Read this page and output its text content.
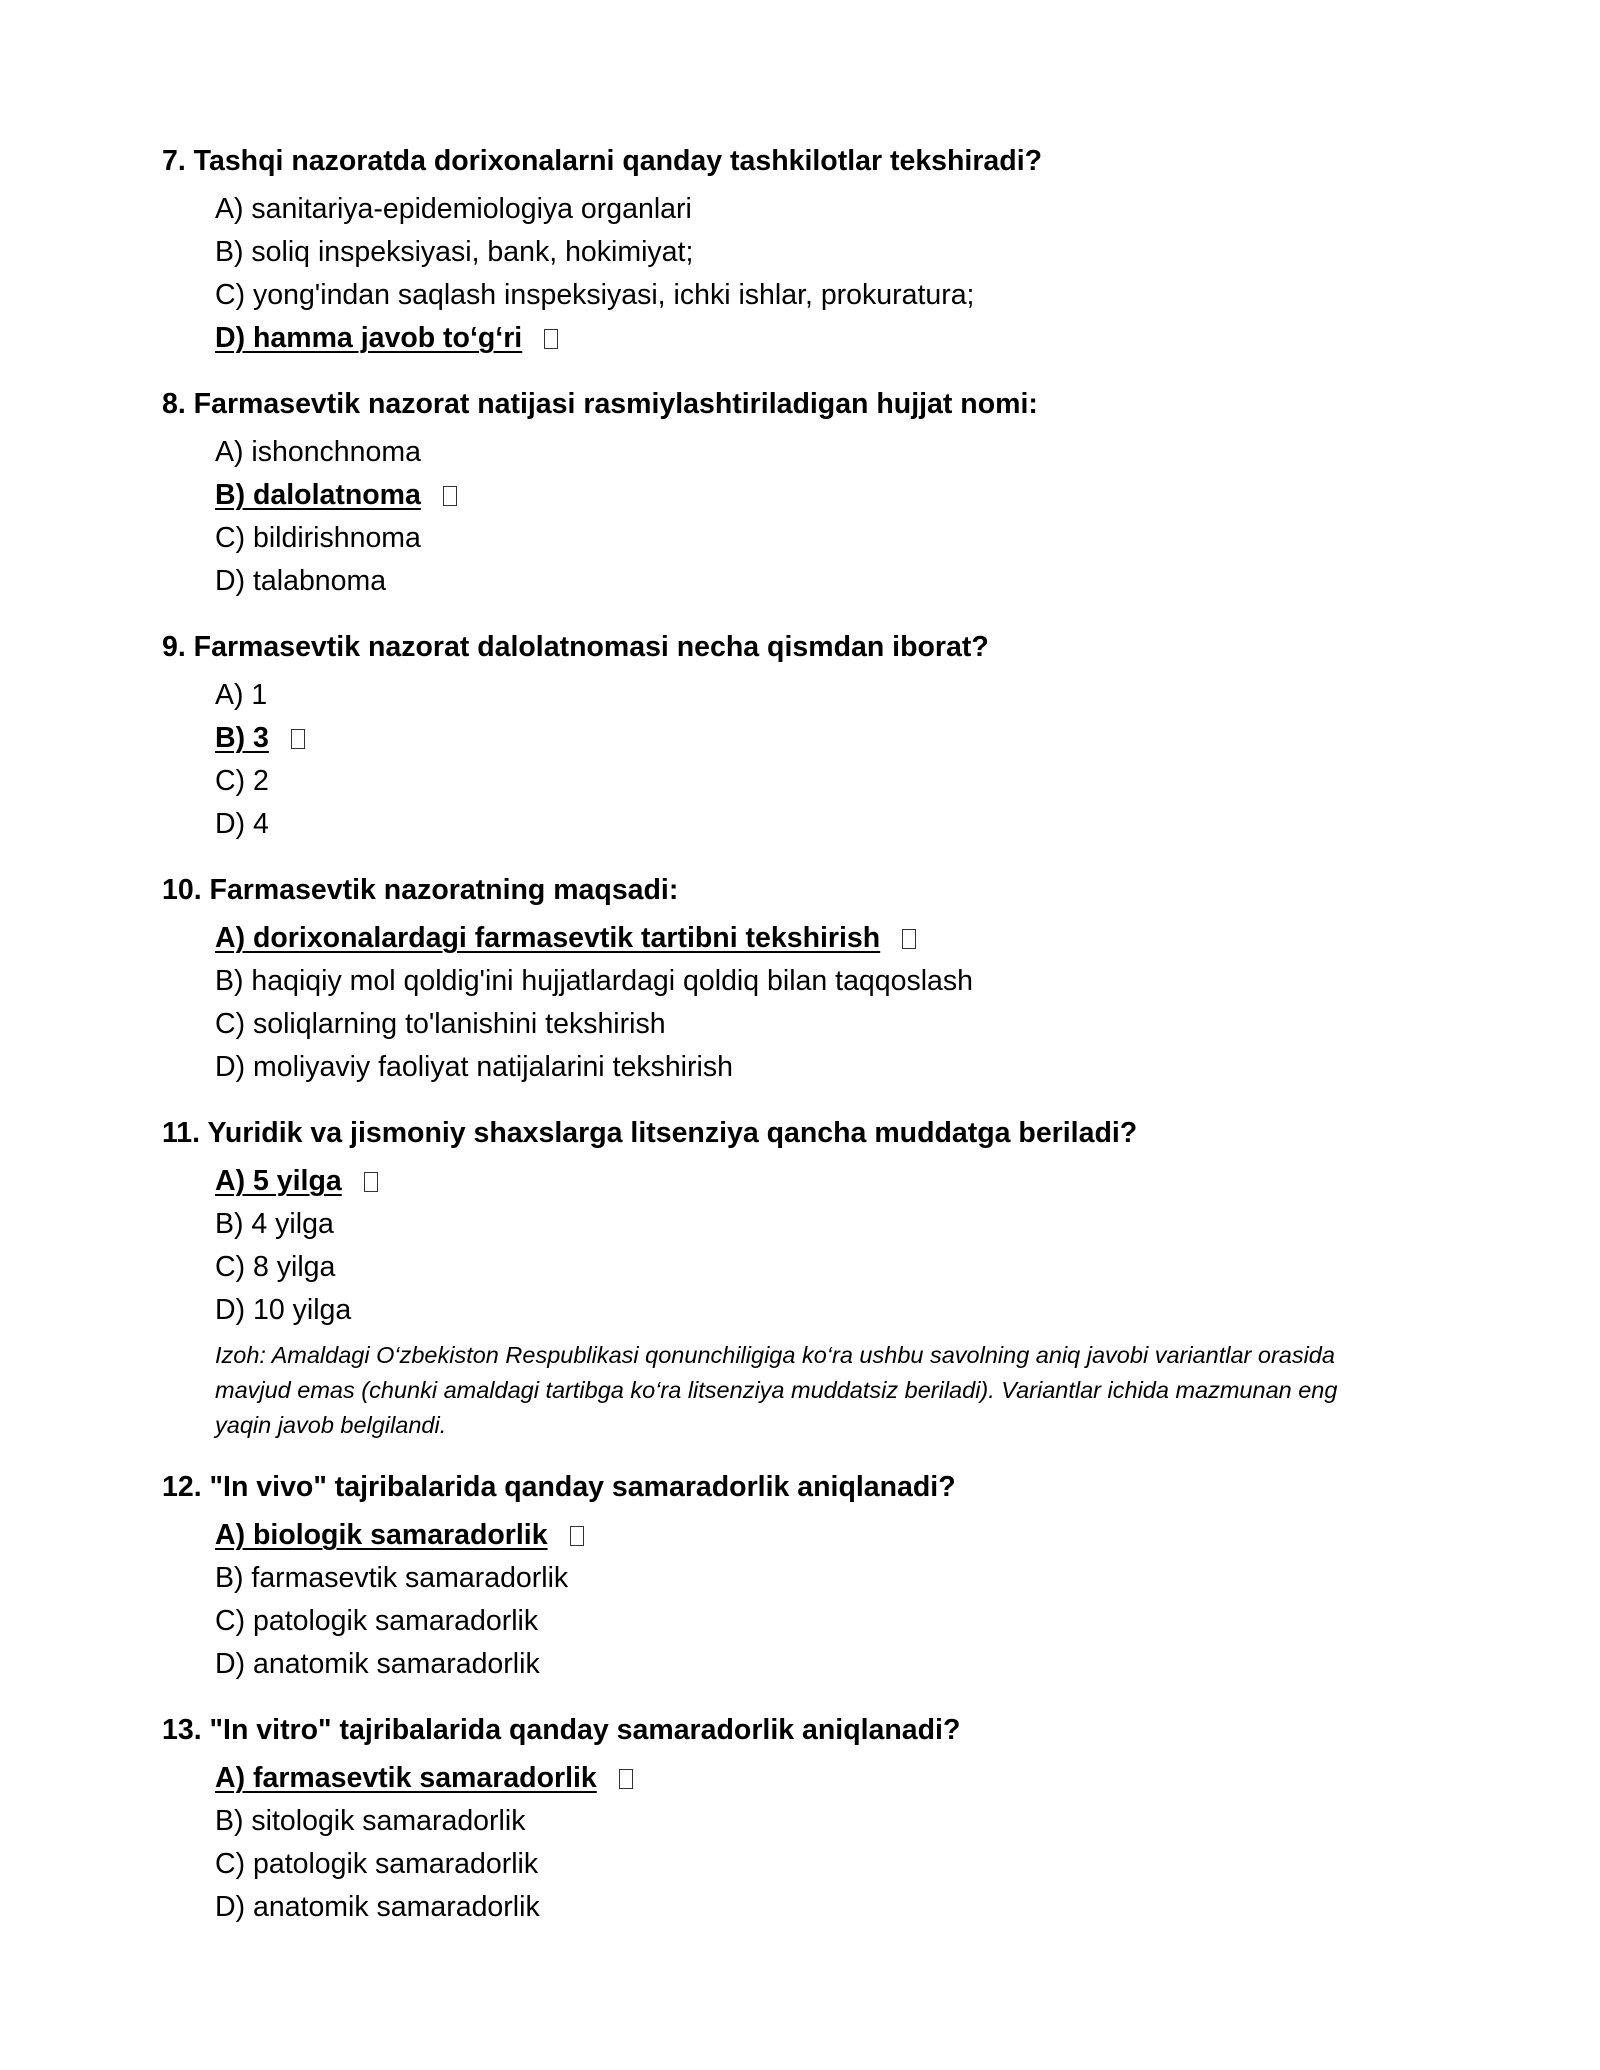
7. Tashqi nazoratda dorixonalarni qanday tashkilotlar tekshiradi?
A) sanitariya-epidemiologiya organlari
B) soliq inspeksiyasi, bank, hokimiyat;
C) yong'indan saqlash inspeksiyasi, ichki ishlar, prokuratura;
D) hamma javob to‘g‘ri
8. Farmasevtik nazorat natijasi rasmiylashtiriladigan hujjat nomi:
A) ishonchnoma
B) dalolatnoma
C) bildirishnoma
D) talabnoma
9. Farmasevtik nazorat dalolatnomasi necha qismdan iborat?
A) 1
B) 3
C) 2
D) 4
10. Farmasevtik nazoratning maqsadi:
A) dorixonalardagi farmasevtik tartibni tekshirish
B) haqiqiy mol qoldig'ini hujjatlardagi qoldiq bilan taqqoslash
C) soliqlarning to'lanishini tekshirish
D) moliyaviy faoliyat natijalarini tekshirish
11. Yuridik va jismoniy shaxslarga litsenziya qancha muddatga beriladi?
A) 5 yilga
B) 4 yilga
C) 8 yilga
D) 10 yilga
Izoh: Amaldagi O‘zbekiston Respublikasi qonunchiligiga ko‘ra ushbu savolning aniq javobi variantlar orasida mavjud emas (chunki amaldagi tartibga ko‘ra litsenziya muddatsiz beriladi). Variantlar ichida mazmunan eng yaqin javob belgilandi.
12. "In vivo" tajribalarida qanday samaradorlik aniqlanadi?
A) biologik samaradorlik
B) farmasevtik samaradorlik
C) patologik samaradorlik
D) anatomik samaradorlik
13. "In vitro" tajribalarida qanday samaradorlik aniqlanadi?
A) farmasevtik samaradorlik
B) sitologik samaradorlik
C) patologik samaradorlik
D) anatomik samaradorlik
